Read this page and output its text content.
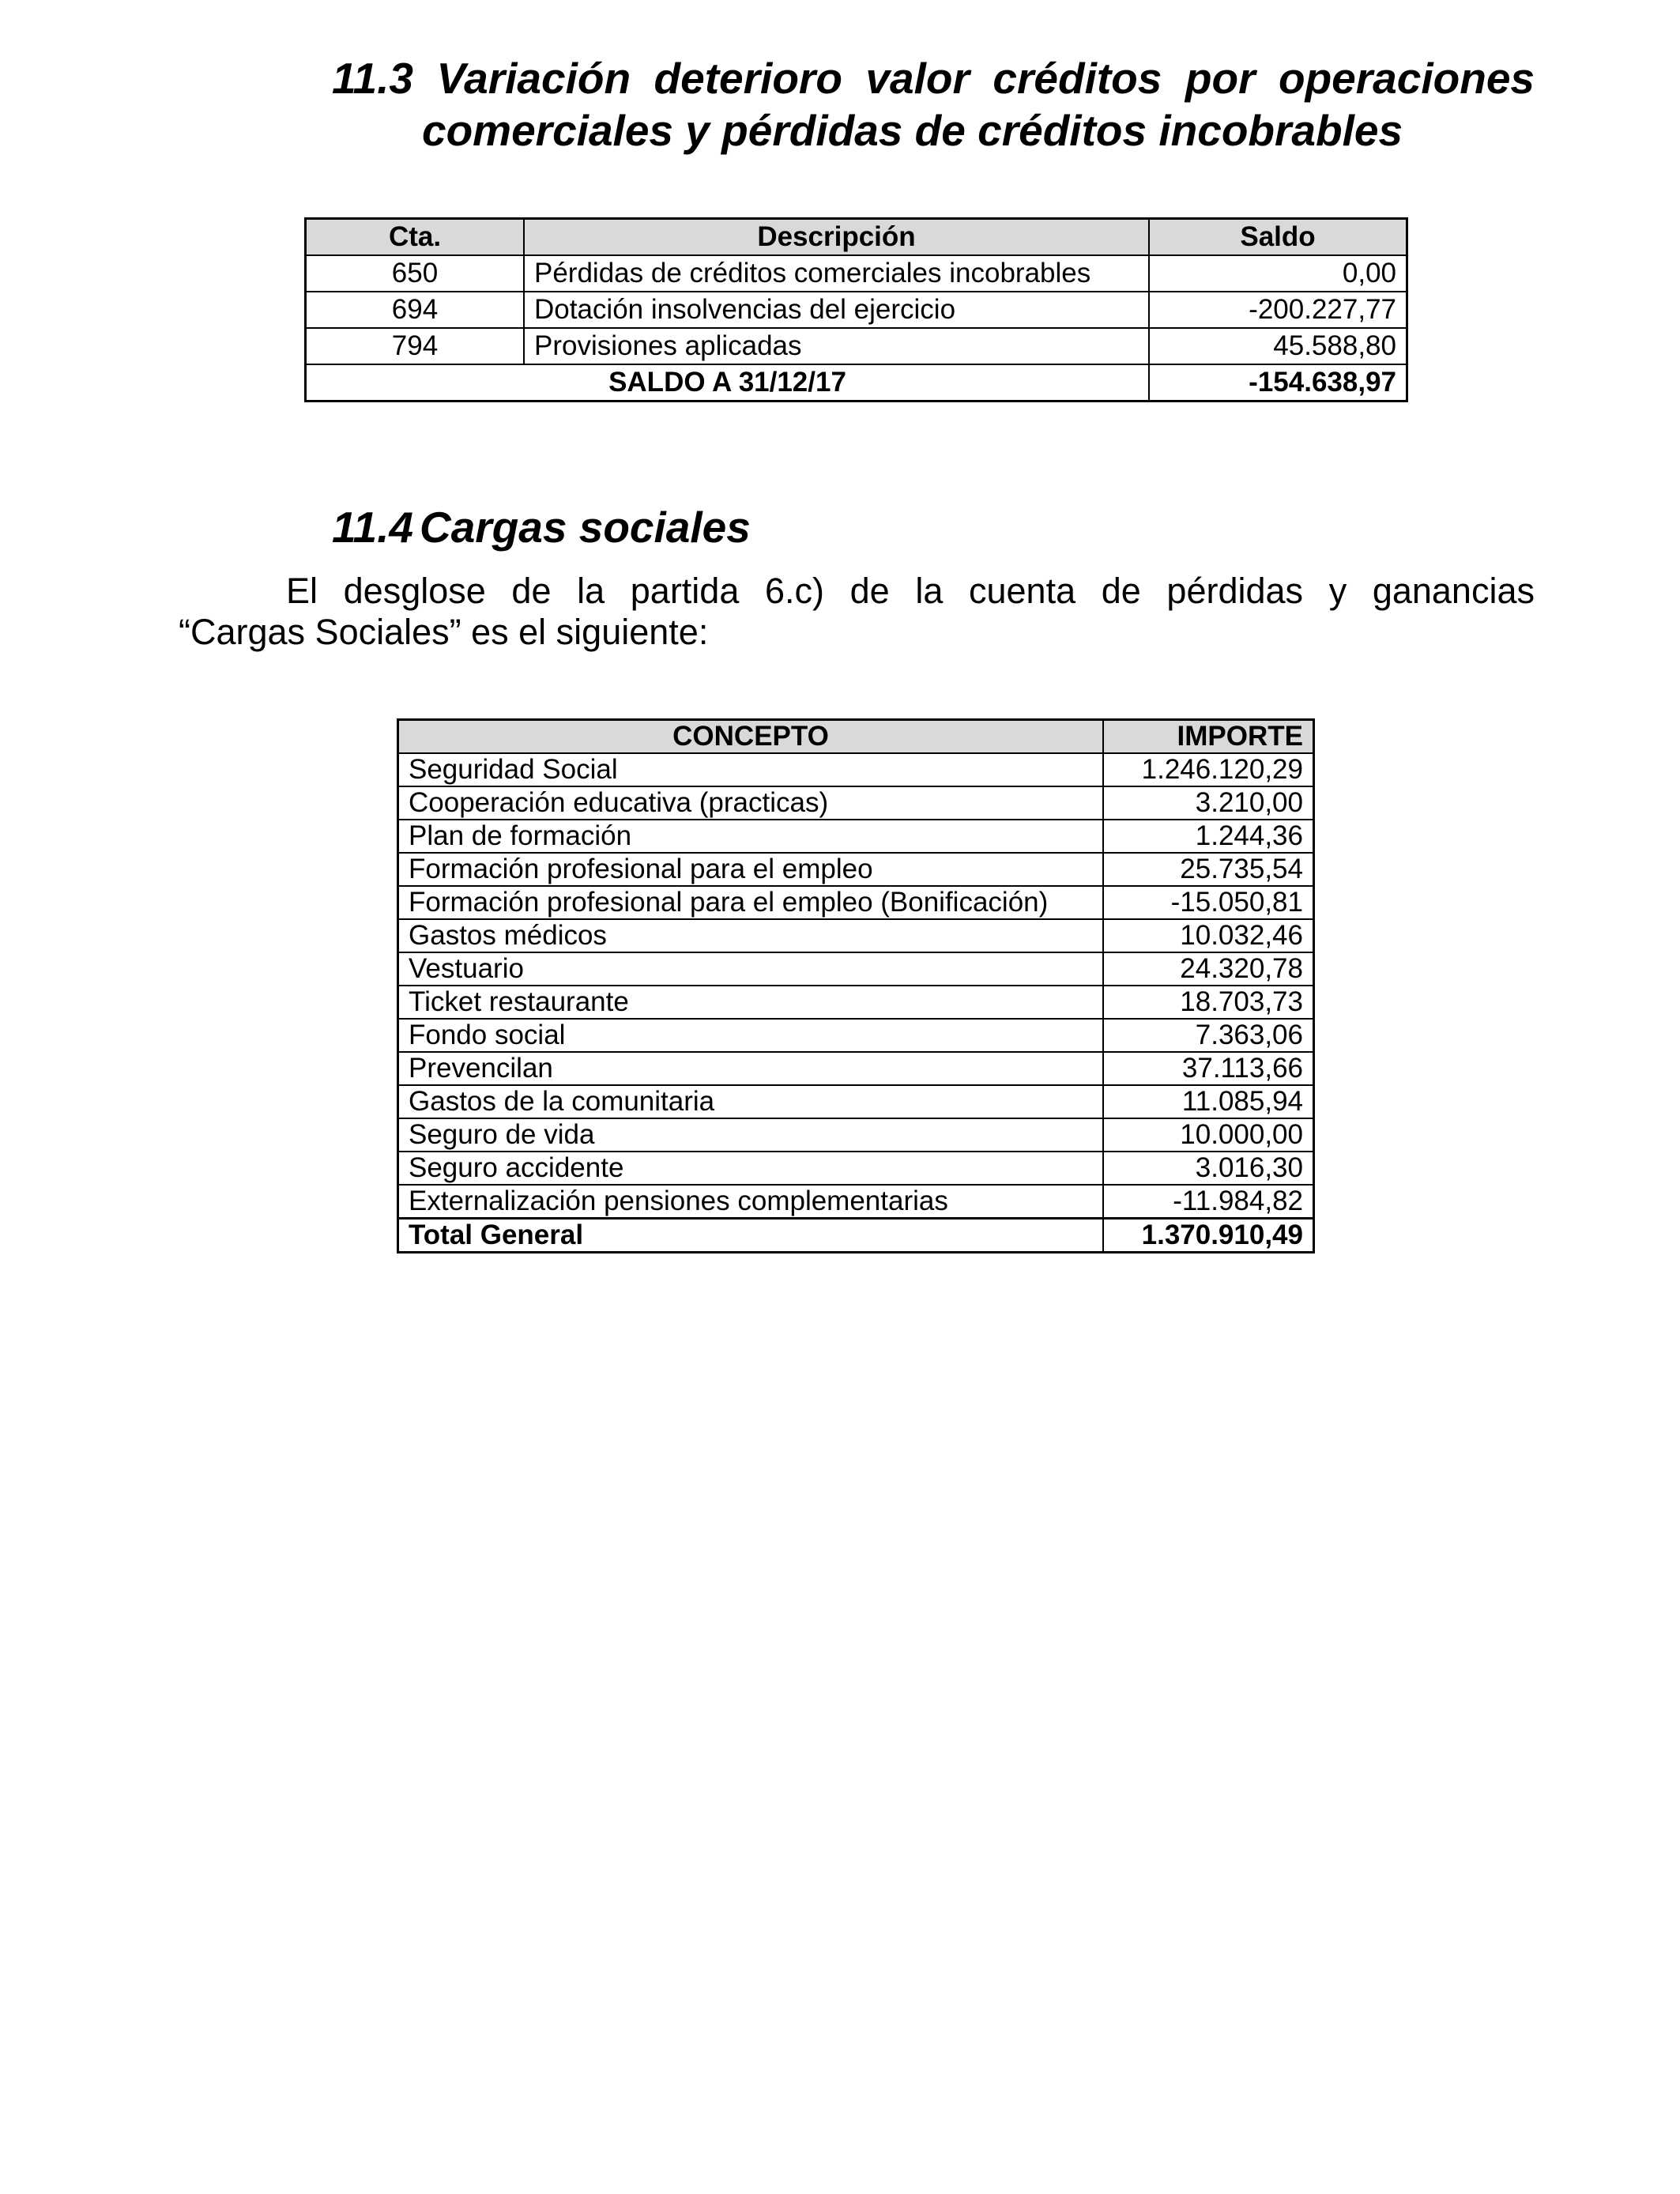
11.3 Variación deterioro valor créditos por operaciones
comerciales y pérdidas de créditos incobrables
Cta.	Descripción	Saldo
650	Pérdidas de créditos comerciales incobrables	0,00
694	Dotación insolvencias del ejercicio	-200.227,77
794	Provisiones aplicadas	45.588,80
SALDO A 31/12/17		-154.638,97
11.4 Cargas sociales

El desglose de la partida 6.c) de la cuenta de pérdidas y ganancias
“Cargas Sociales” es el siguiente:

CONCEPTO	IMPORTE
Seguridad Social	1.246.120,29
Cooperación educativa (practicas)	3.210,00
Plan de formación	1.244,36
Formación profesional para el empleo	25.735,54
Formación profesional para el empleo (Bonificación)	-15.050,81
Gastos médicos	10.032,46
Vestuario	24.320,78
Ticket restaurante	18.703,73
Fondo social	7.363,06
Prevencilan	37.113,66
Gastos de la comunitaria	11.085,94
Seguro de vida	10.000,00
Seguro accidente	3.016,30
Externalización pensiones complementarias	-11.984,82
Total General	1.370.910,49
